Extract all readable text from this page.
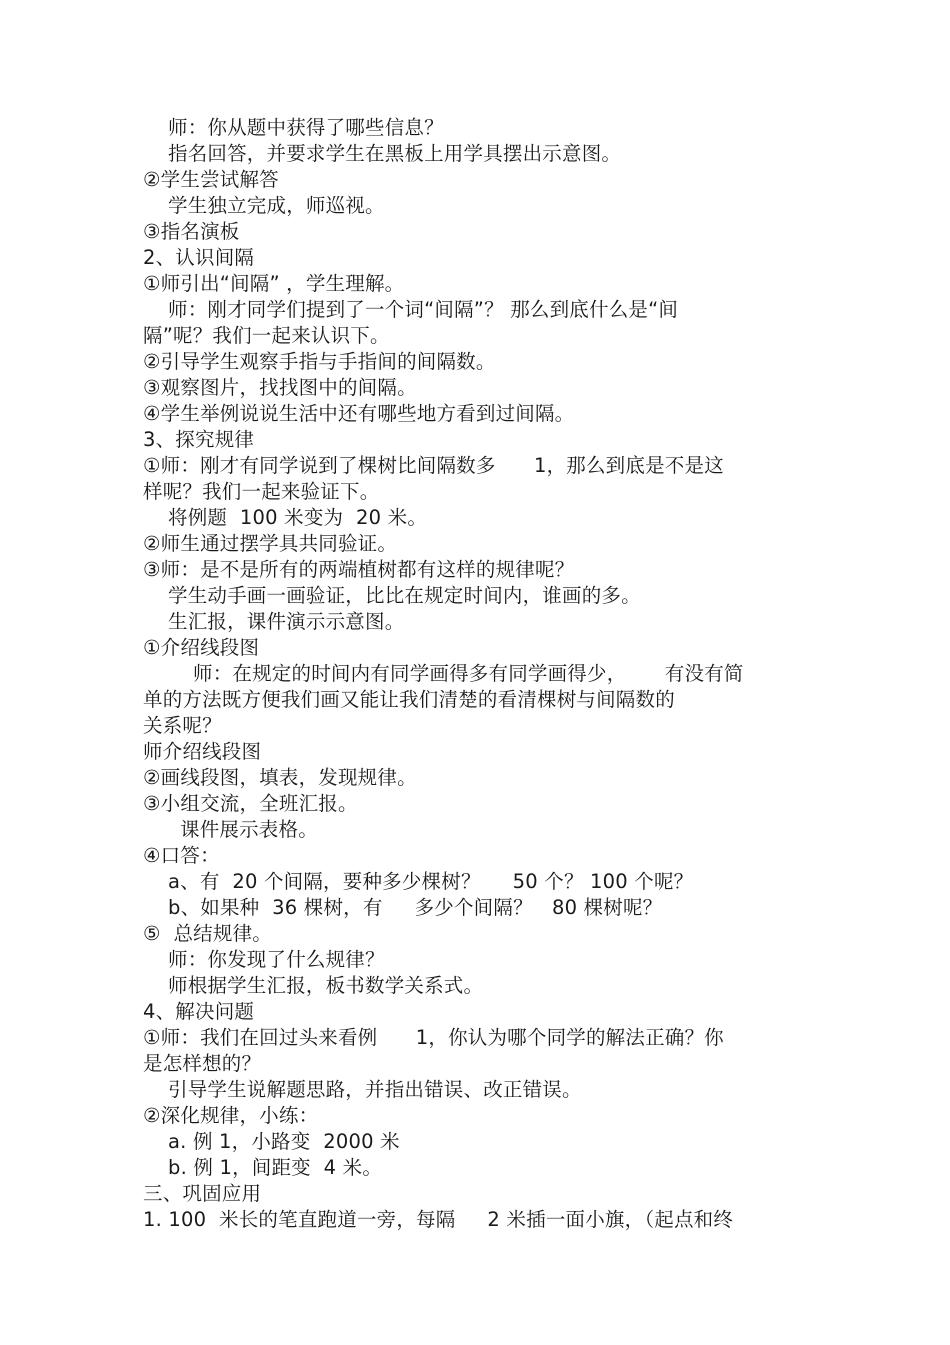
师：你从题中获得了哪些信息？
指名回答，并要求学生在黑板上用学具摆出示意图。
②学生尝试解答
学生独立完成，师巡视。
③指名演板
2、认识间隔
①师引出“间隔” ，学生理解。
师：刚才同学们提到了一个词“间隔”？ 那么到底什么是“间
隔”呢？我们一起来认识下。
②引导学生观察手指与手指间的间隔数。
③观察图片，找找图中的间隔。
④学生举例说说生活中还有哪些地方看到过间隔。
3、探究规律
①师：刚才有同学说到了棵树比间隔数多      1，那么到底是不是这
样呢？我们一起来验证下。
将例题  100 米变为  20 米。
②师生通过摆学具共同验证。
③师：是不是所有的两端植树都有这样的规律呢？
学生动手画一画验证，比比在规定时间内，谁画的多。
生汇报，课件演示示意图。
①介绍线段图
师：在规定的时间内有同学画得多有同学画得少，      有没有简
单的方法既方便我们画又能让我们清楚的看清棵树与间隔数的
关系呢？
师介绍线段图
②画线段图，填表，发现规律。
③小组交流，全班汇报。
课件展示表格。
④口答：
a、有  20 个间隔，要种多少棵树？     50 个？ 100 个呢？
b、如果种  36 棵树，有     多少个间隔？   80 棵树呢？
⑤  总结规律。
师：你发现了什么规律？
师根据学生汇报，板书数学关系式。
4、解决问题
①师：我们在回过头来看例      1，你认为哪个同学的解法正确？你
是怎样想的？
引导学生说解题思路，并指出错误、改正错误。
②深化规律，小练：
a. 例 1，小路变  2000 米
b. 例 1，间距变  4 米。
三、巩固应用
1. 100  米长的笔直跑道一旁，每隔     2 米插一面小旗，（起点和终
